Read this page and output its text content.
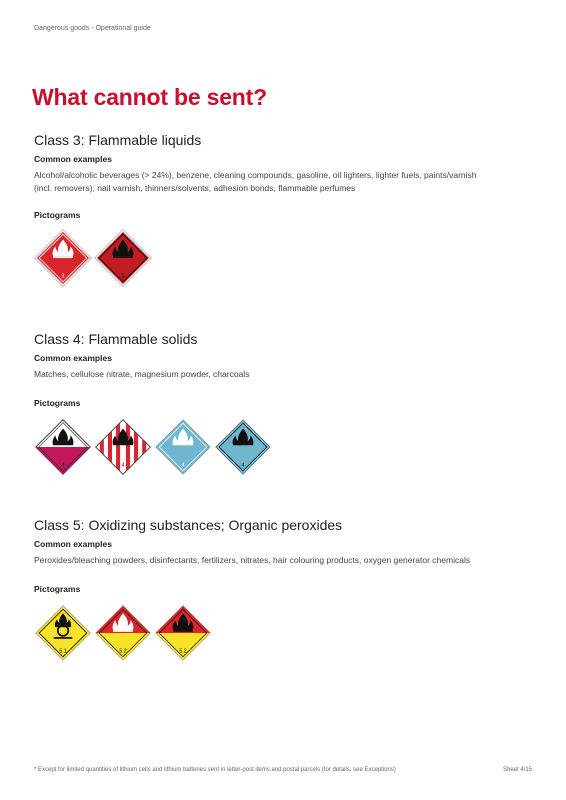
Dangerous goods - Operational guide
What cannot be sent?
Class 3: Flammable liquids

Common examples

Alcohol/alcoholic beverages (> 24%), benzene, cleaning compounds, gasoline, oil lighters, lighter fuels, paints/varnish

(incl. removers), nail varnish, thinners/solvents, adhesion bonds, flammable perfumes

Pictograms

3	3
Class 4: Flammable solids

Common examples

Matches, cellulose nitrate, magnesium powder, charcoals

Pictograms

4	4	4	4
Class 5: Oxidizing substances; Organic peroxides

Common examples

Peroxides/bleaching powders, disinfectants, fertilizers, nitrates, hair colouring products, oxygen generator chemicals

Pictograms

5.1	5.2	5.2
* Except for limited quantities of lithium cells and lithium batteries sent in letter-post items and postal parcels (for details, see Exceptions)	Sheet 4/15
